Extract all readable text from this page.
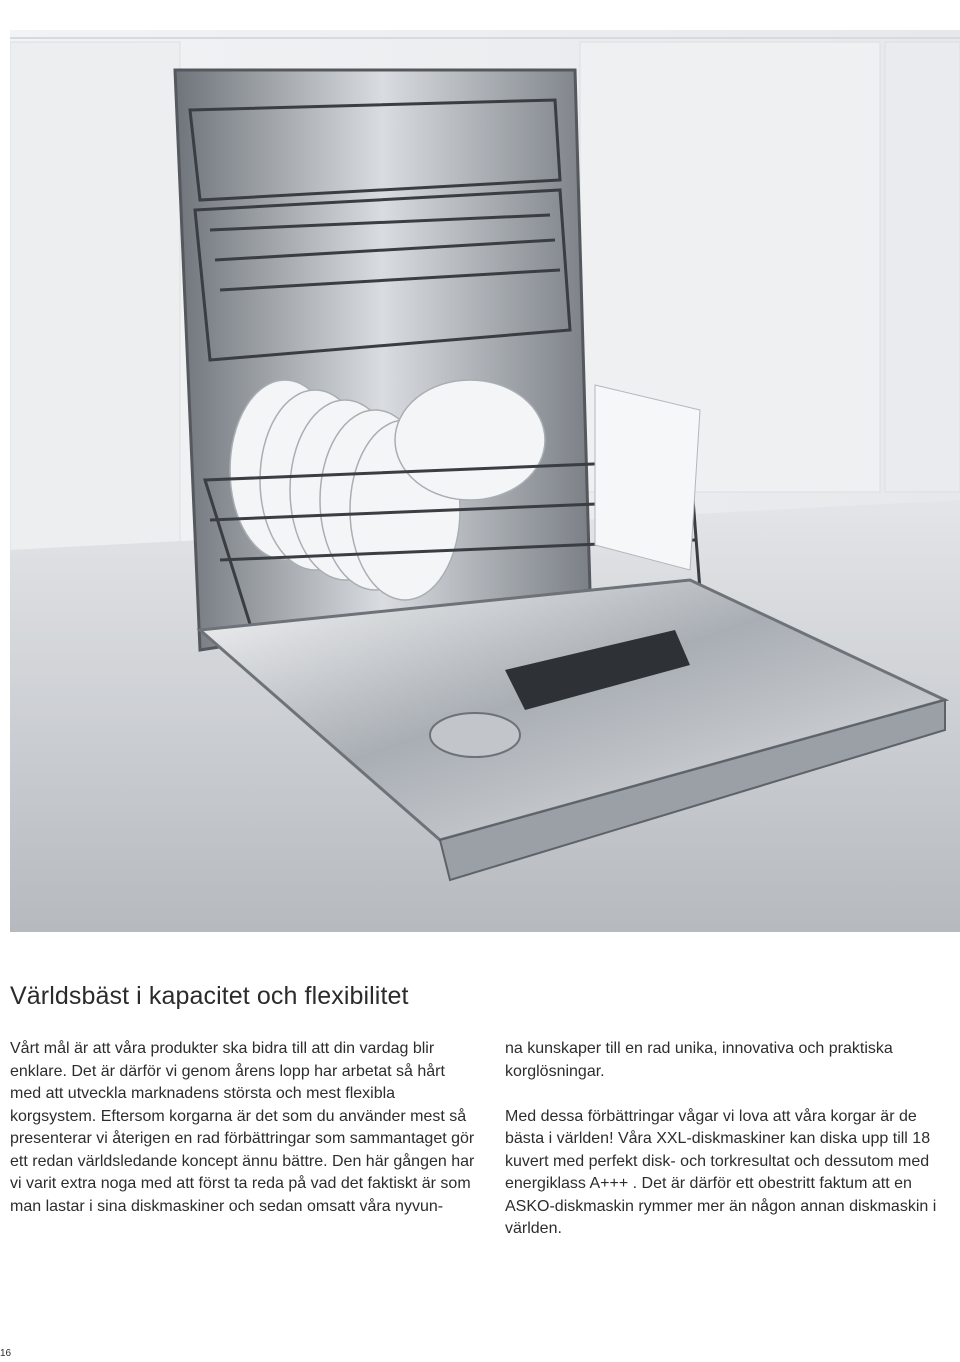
Världsbäst i kapacitet och flexibilitet

Vårt mål är att våra produkter ska bidra till att din vardag blir enklare. Det är därför vi genom årens lopp har arbetat så hårt med att utveckla marknadens största och mest flexibla korgsystem. Eftersom korgarna är det som du använder mest så presenterar vi återigen en rad förbättringar som sammantaget gör ett redan världsledande koncept ännu bättre. Den här gången har vi varit extra noga med att först ta reda på vad det faktiskt är som man lastar i sina diskmaskiner och sedan omsatt våra nyvun-

na kunskaper till en rad unika, innovativa och praktiska korglösningar.

Med dessa förbättringar vågar vi lova att våra korgar är de bästa i världen! Våra XXL-diskmaskiner kan diska upp till 18 kuvert med perfekt disk- och torkresultat och dessutom med energiklass A+++ . Det är därför ett obestritt faktum att en ASKO-diskmaskin rymmer mer än någon annan diskmaskin i världen.

16
